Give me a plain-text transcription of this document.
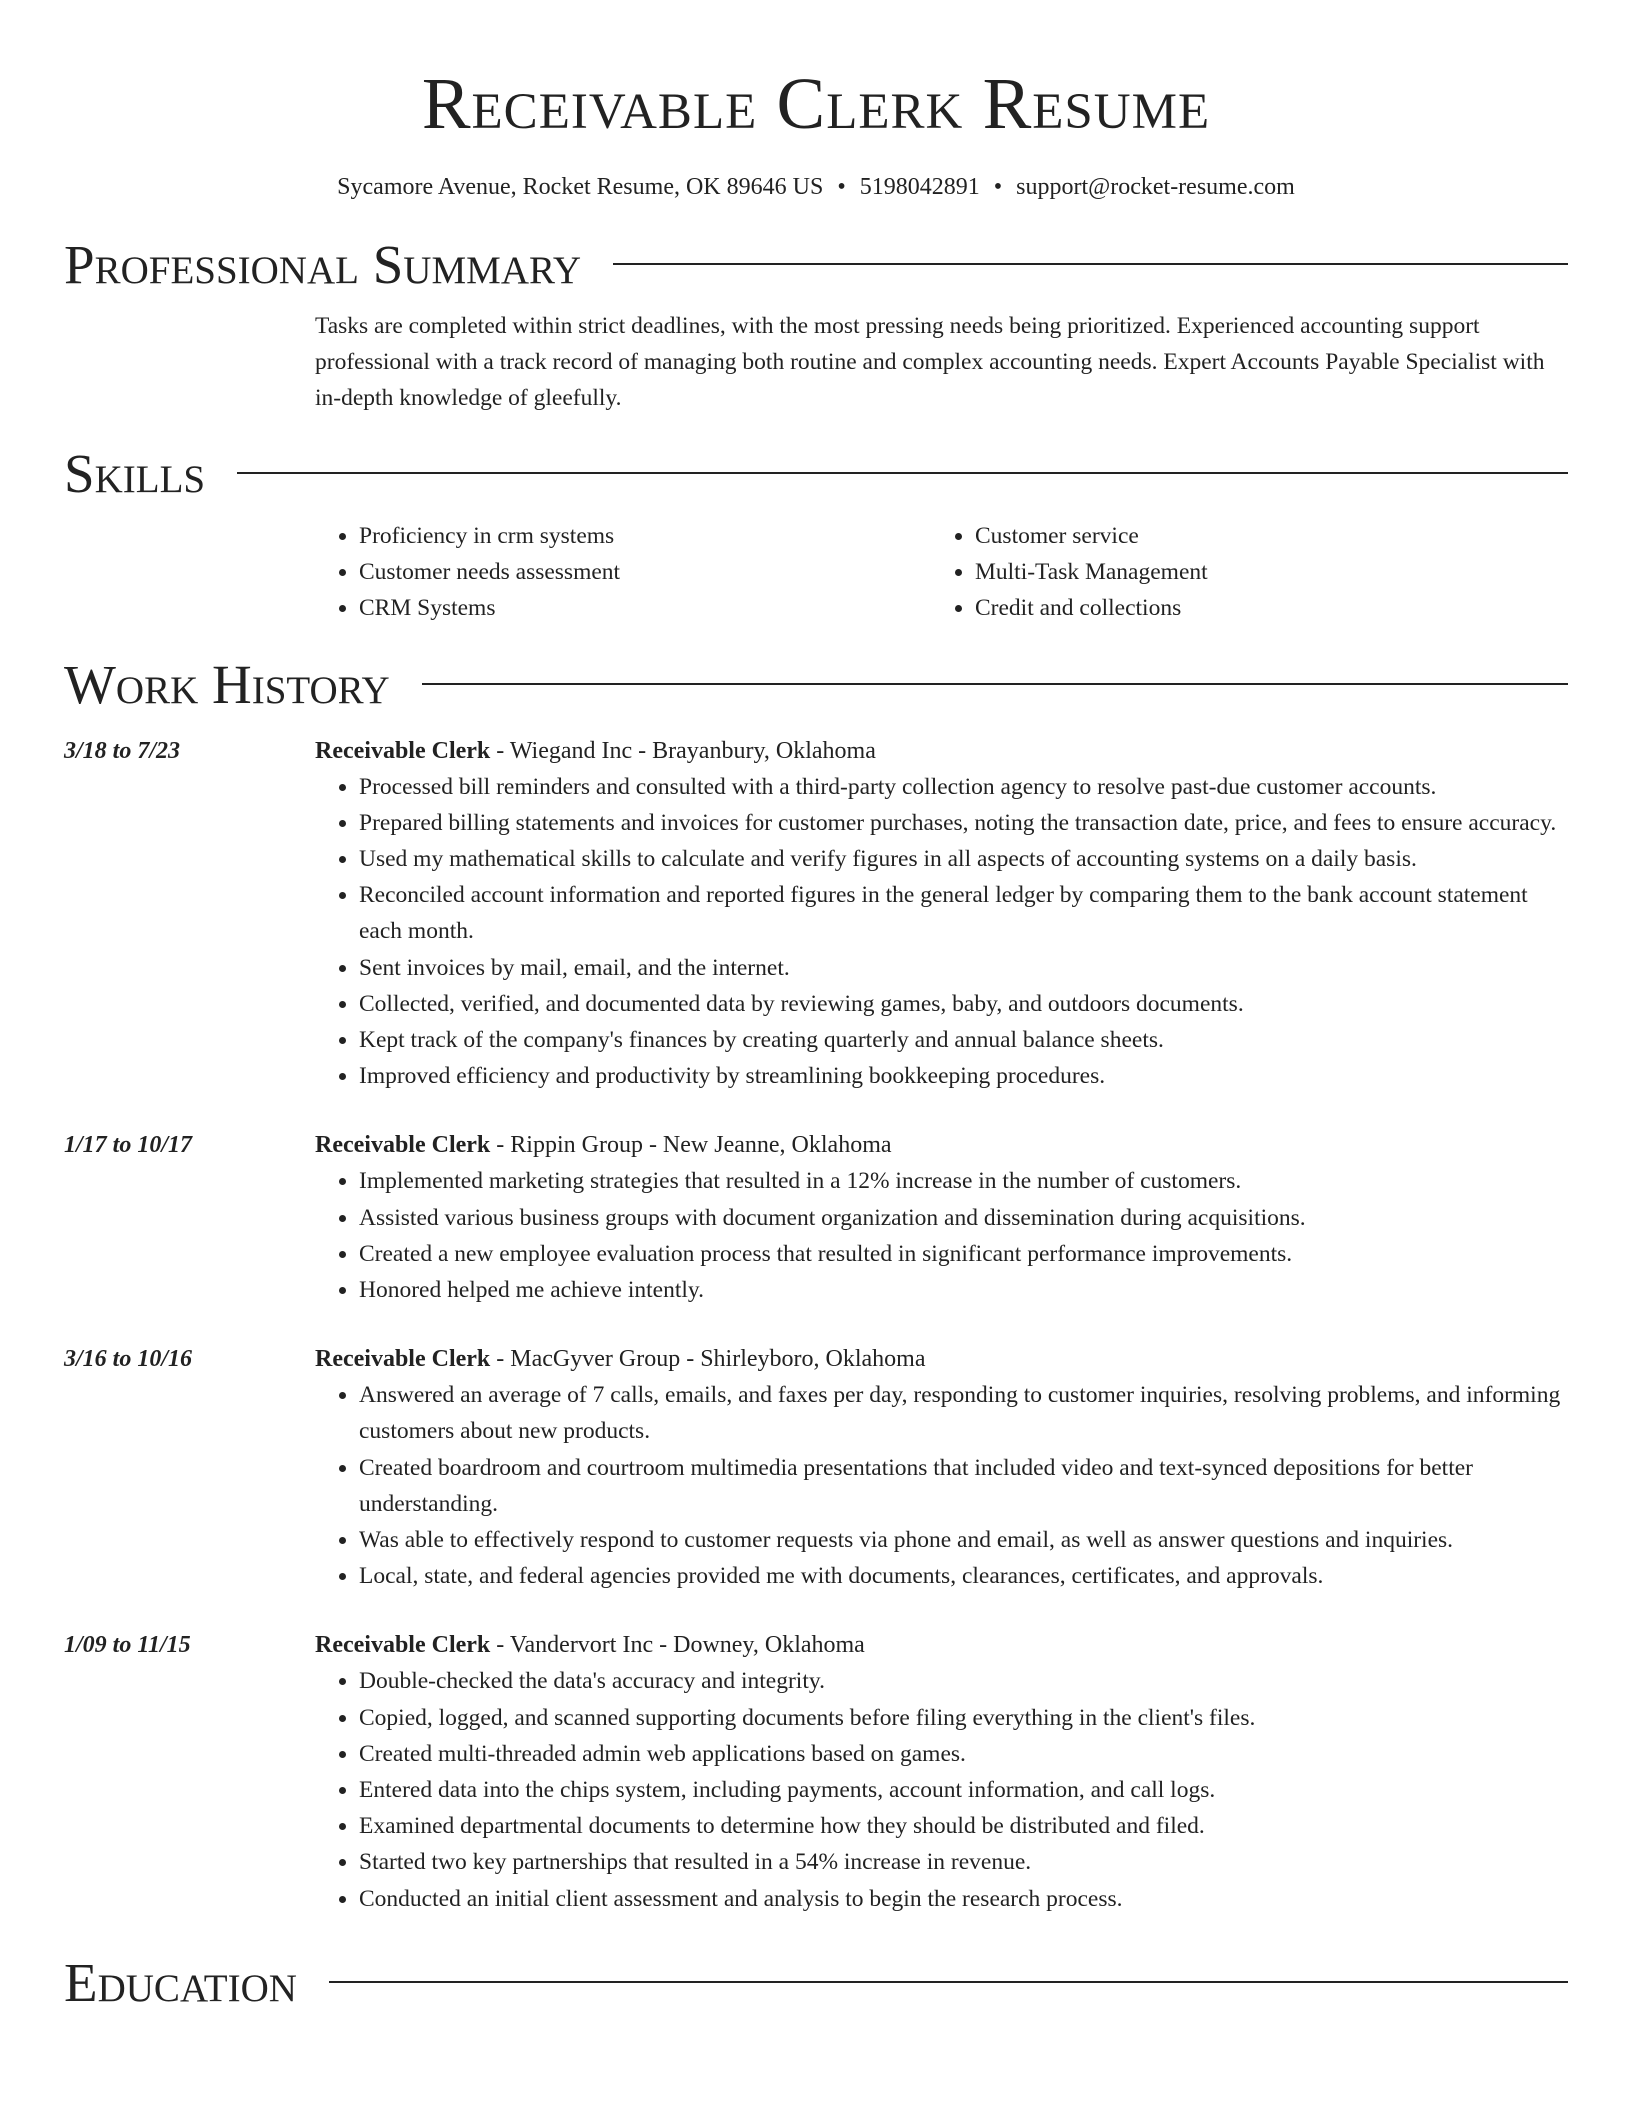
Receivable Clerk Resume
Sycamore Avenue, Rocket Resume, OK 89646 US • 5198042891 • support@rocket-resume.com
Professional Summary
Tasks are completed within strict deadlines, with the most pressing needs being prioritized. Experienced accounting support professional with a track record of managing both routine and complex accounting needs. Expert Accounts Payable Specialist with in-depth knowledge of gleefully.
Skills
• Proficiency in crm systems
• Customer needs assessment
• CRM Systems
• Customer service
• Multi-Task Management
• Credit and collections
Work History
3/18 to 7/23	Receivable Clerk - Wiegand Inc - Brayanbury, Oklahoma
• Processed bill reminders and consulted with a third-party collection agency to resolve past-due customer accounts.
• Prepared billing statements and invoices for customer purchases, noting the transaction date, price, and fees to ensure accuracy.
• Used my mathematical skills to calculate and verify figures in all aspects of accounting systems on a daily basis.
• Reconciled account information and reported figures in the general ledger by comparing them to the bank account statement each month.
• Sent invoices by mail, email, and the internet.
• Collected, verified, and documented data by reviewing games, baby, and outdoors documents.
• Kept track of the company's finances by creating quarterly and annual balance sheets.
• Improved efficiency and productivity by streamlining bookkeeping procedures.
1/17 to 10/17	Receivable Clerk - Rippin Group - New Jeanne, Oklahoma
• Implemented marketing strategies that resulted in a 12% increase in the number of customers.
• Assisted various business groups with document organization and dissemination during acquisitions.
• Created a new employee evaluation process that resulted in significant performance improvements.
• Honored helped me achieve intently.
3/16 to 10/16	Receivable Clerk - MacGyver Group - Shirleyboro, Oklahoma
• Answered an average of 7 calls, emails, and faxes per day, responding to customer inquiries, resolving problems, and informing customers about new products.
• Created boardroom and courtroom multimedia presentations that included video and text-synced depositions for better understanding.
• Was able to effectively respond to customer requests via phone and email, as well as answer questions and inquiries.
• Local, state, and federal agencies provided me with documents, clearances, certificates, and approvals.
1/09 to 11/15	Receivable Clerk - Vandervort Inc - Downey, Oklahoma
• Double-checked the data's accuracy and integrity.
• Copied, logged, and scanned supporting documents before filing everything in the client's files.
• Created multi-threaded admin web applications based on games.
• Entered data into the chips system, including payments, account information, and call logs.
• Examined departmental documents to determine how they should be distributed and filed.
• Started two key partnerships that resulted in a 54% increase in revenue.
• Conducted an initial client assessment and analysis to begin the research process.
Education
